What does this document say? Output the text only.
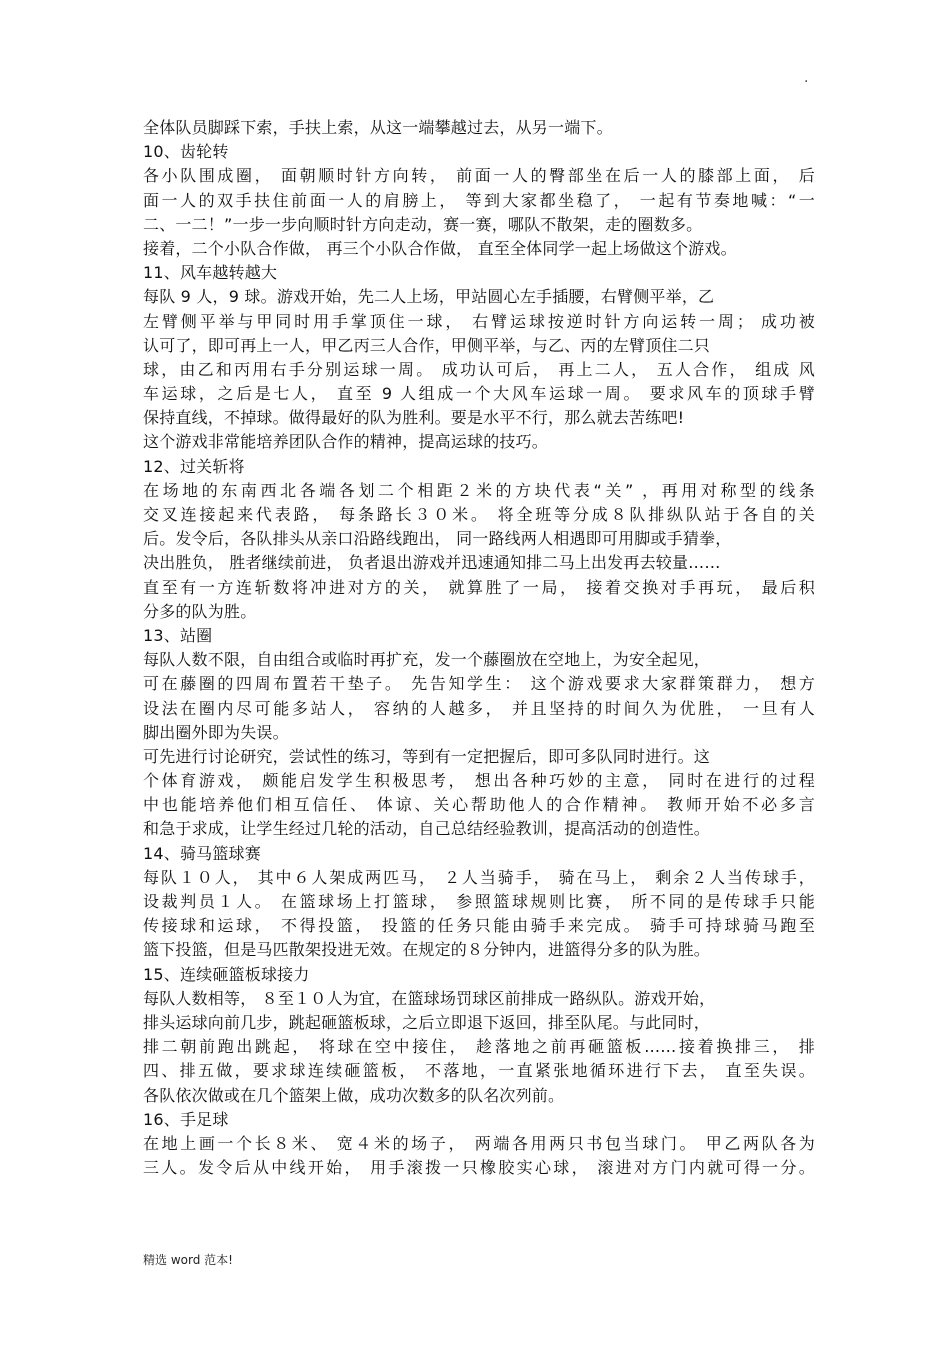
.
全体队员脚踩下索，手扶上索，从这一端攀越过去，从另一端下。
10、齿轮转
各小队围成圈， 面朝顺时针方向转， 前面一人的臀部坐在后一人的膝部上面， 后
面一人的双手扶住前面一人的肩膀上， 等到大家都坐稳了， 一起有节奏地喊：“一
二、一二！”一步一步向顺时针方向走动，赛一赛，哪队不散架，走的圈数多。
接着，二个小队合作做， 再三个小队合作做， 直至全体同学一起上场做这个游戏。
11、风车越转越大
每队 9 人，9 球。游戏开始，先二人上场，甲站圆心左手插腰，右臂侧平举，乙
左臂侧平举与甲同时用手掌顶住一球， 右臂运球按逆时针方向运转一周； 成功被
认可了，即可再上一人，甲乙丙三人合作，甲侧平举，与乙、丙的左臂顶住二只
球，由乙和丙用右手分别运球一周。 成功认可后， 再上二人， 五人合作， 组成 风
车运球，之后是七人， 直至 9 人组成一个大风车运球一周。 要求风车的顶球手臂
保持直线，不掉球。做得最好的队为胜利。要是水平不行，那么就去苦练吧!
这个游戏非常能培养团队合作的精神，提高运球的技巧。
12、过关斩将
在场地的东南西北各端各划二个相距２米的方块代表“关” ，再用对称型的线条
交叉连接起来代表路， 每条路长３０米。 将全班等分成８队排纵队站于各自的关
后。发令后，各队排头从亲口沿路线跑出， 同一路线两人相遇即可用脚或手猜拳，
决出胜负， 胜者继续前进， 负者退出游戏并迅速通知排二马上出发再去较量……
直至有一方连斩数将冲进对方的关， 就算胜了一局， 接着交换对手再玩， 最后积
分多的队为胜。
13、站圈
每队人数不限，自由组合或临时再扩充，发一个藤圈放在空地上，为安全起见，
可在藤圈的四周布置若干垫子。 先告知学生： 这个游戏要求大家群策群力， 想方
设法在圈内尽可能多站人， 容纳的人越多， 并且坚持的时间久为优胜， 一旦有人
脚出圈外即为失误。
可先进行讨论研究，尝试性的练习，等到有一定把握后，即可多队同时进行。这
个体育游戏， 颇能启发学生积极思考， 想出各种巧妙的主意， 同时在进行的过程
中也能培养他们相互信任、 体谅、关心帮助他人的合作精神。 教师开始不必多言
和急于求成，让学生经过几轮的活动，自己总结经验教训，提高活动的创造性。
14、骑马篮球赛
每队１０人， 其中６人架成两匹马， ２人当骑手， 骑在马上， 剩余２人当传球手，
设裁判员１人。 在篮球场上打篮球， 参照篮球规则比赛， 所不同的是传球手只能
传接球和运球， 不得投篮， 投篮的任务只能由骑手来完成。 骑手可持球骑马跑至
篮下投篮，但是马匹散架投进无效。在规定的８分钟内，进篮得分多的队为胜。
15、连续砸篮板球接力
每队人数相等， ８至１０人为宜，在篮球场罚球区前排成一路纵队。游戏开始，
排头运球向前几步，跳起砸篮板球，之后立即退下返回，排至队尾。与此同时，
排二朝前跑出跳起， 将球在空中接住， 趁落地之前再砸篮板……接着换排三， 排
四、排五做，要求球连续砸篮板， 不落地，一直紧张地循环进行下去， 直至失误。
各队依次做或在几个篮架上做，成功次数多的队名次列前。
16、手足球
在地上画一个长８米、 宽４米的场子， 两端各用两只书包当球门。 甲乙两队各为
三人。发令后从中线开始， 用手滚拨一只橡胶实心球， 滚进对方门内就可得一分。
精选 word 范本!
